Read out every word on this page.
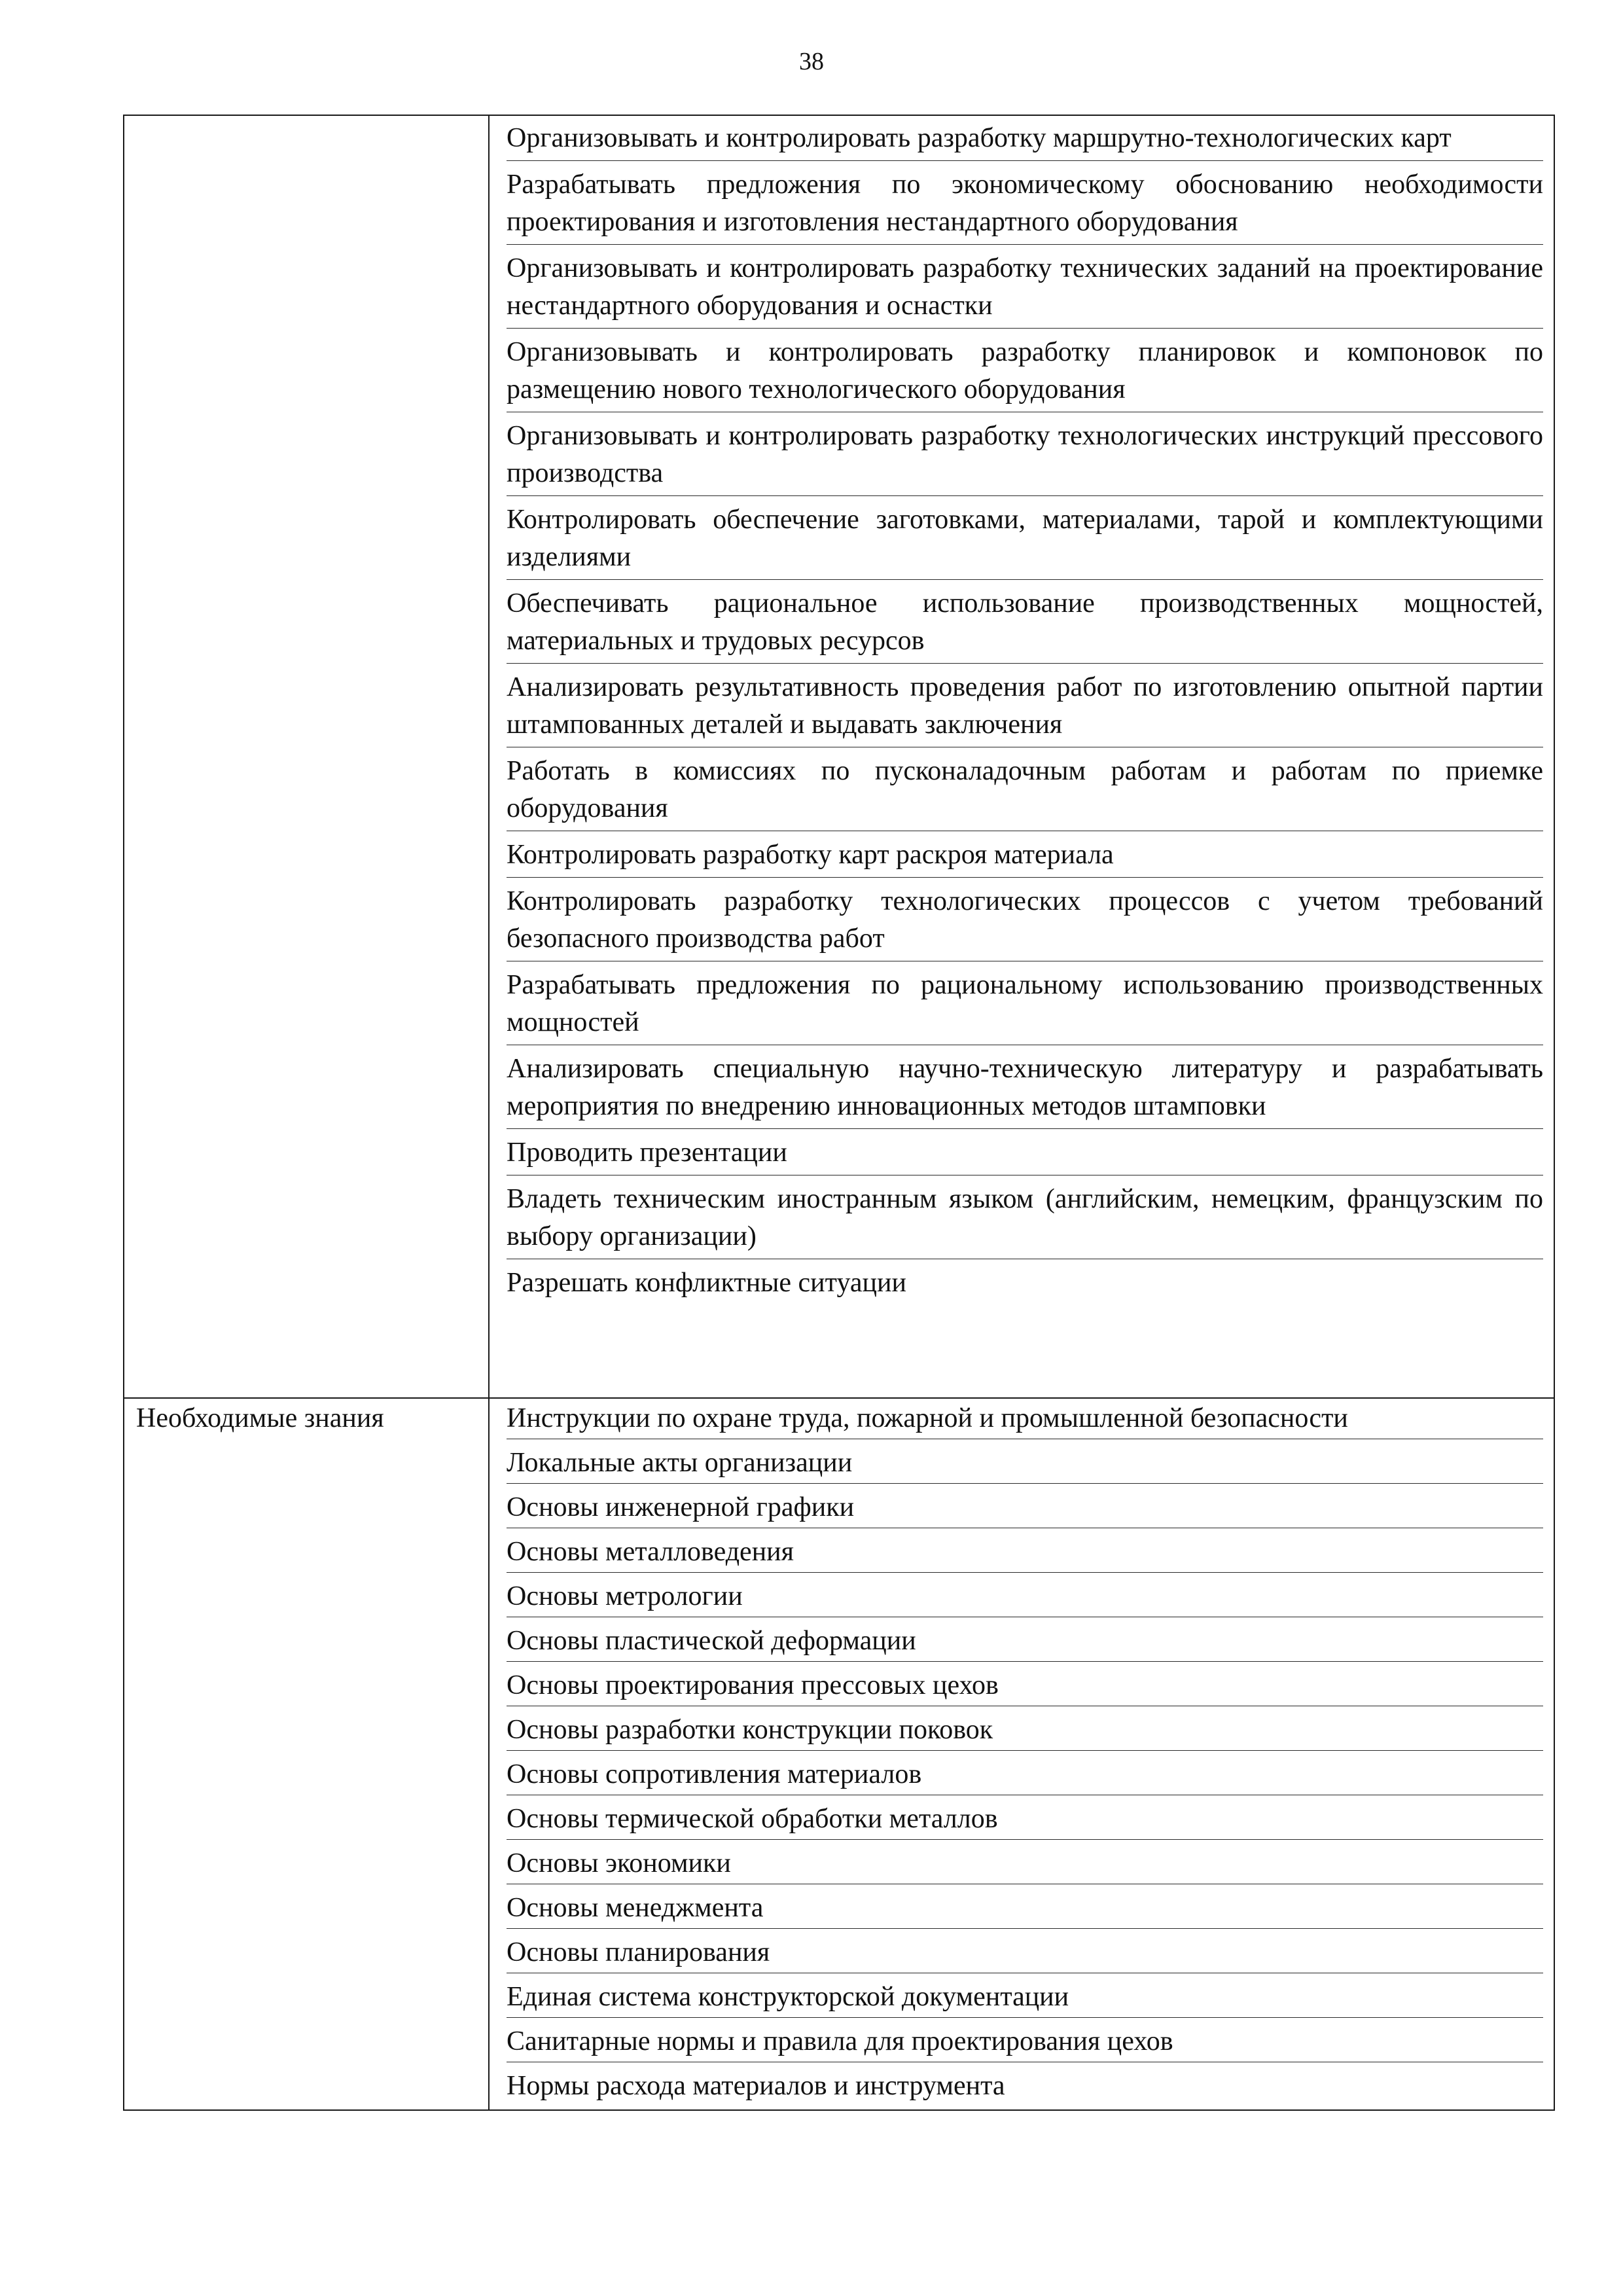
38
Организовывать и контролировать разработку маршрутно-технологических карт
Разрабатывать предложения по экономическому обоснованию необходимости проектирования и изготовления нестандартного оборудования
Организовывать и контролировать разработку технических заданий на проектирование нестандартного оборудования и оснастки
Организовывать и контролировать разработку планировок и компоновок по размещению нового технологического оборудования
Организовывать и контролировать разработку технологических инструкций прессового производства
Контролировать обеспечение заготовками, материалами, тарой и комплектующими изделиями
Обеспечивать рациональное использование производственных мощностей, материальных и трудовых ресурсов
Анализировать результативность проведения работ по изготовлению опытной партии штампованных деталей и выдавать заключения
Работать в комиссиях по пусконаладочным работам и работам по приемке оборудования
Контролировать разработку карт раскроя материала
Контролировать разработку технологических процессов с учетом требований безопасного производства работ
Разрабатывать предложения по рациональному использованию производственных мощностей
Анализировать специальную научно-техническую литературу и разрабатывать мероприятия по внедрению инновационных методов штамповки
Проводить презентации
Владеть техническим иностранным языком (английским, немецким, французским по выбору организации)
Разрешать конфликтные ситуации
Необходимые знания	Инструкции по охране труда, пожарной и промышленной безопасности
Локальные акты организации
Основы инженерной графики
Основы металловедения
Основы метрологии
Основы пластической деформации
Основы проектирования прессовых цехов
Основы разработки конструкции поковок
Основы сопротивления материалов
Основы термической обработки металлов
Основы экономики
Основы менеджмента
Основы планирования
Единая система конструкторской документации
Санитарные нормы и правила для проектирования цехов
Нормы расхода материалов и инструмента
